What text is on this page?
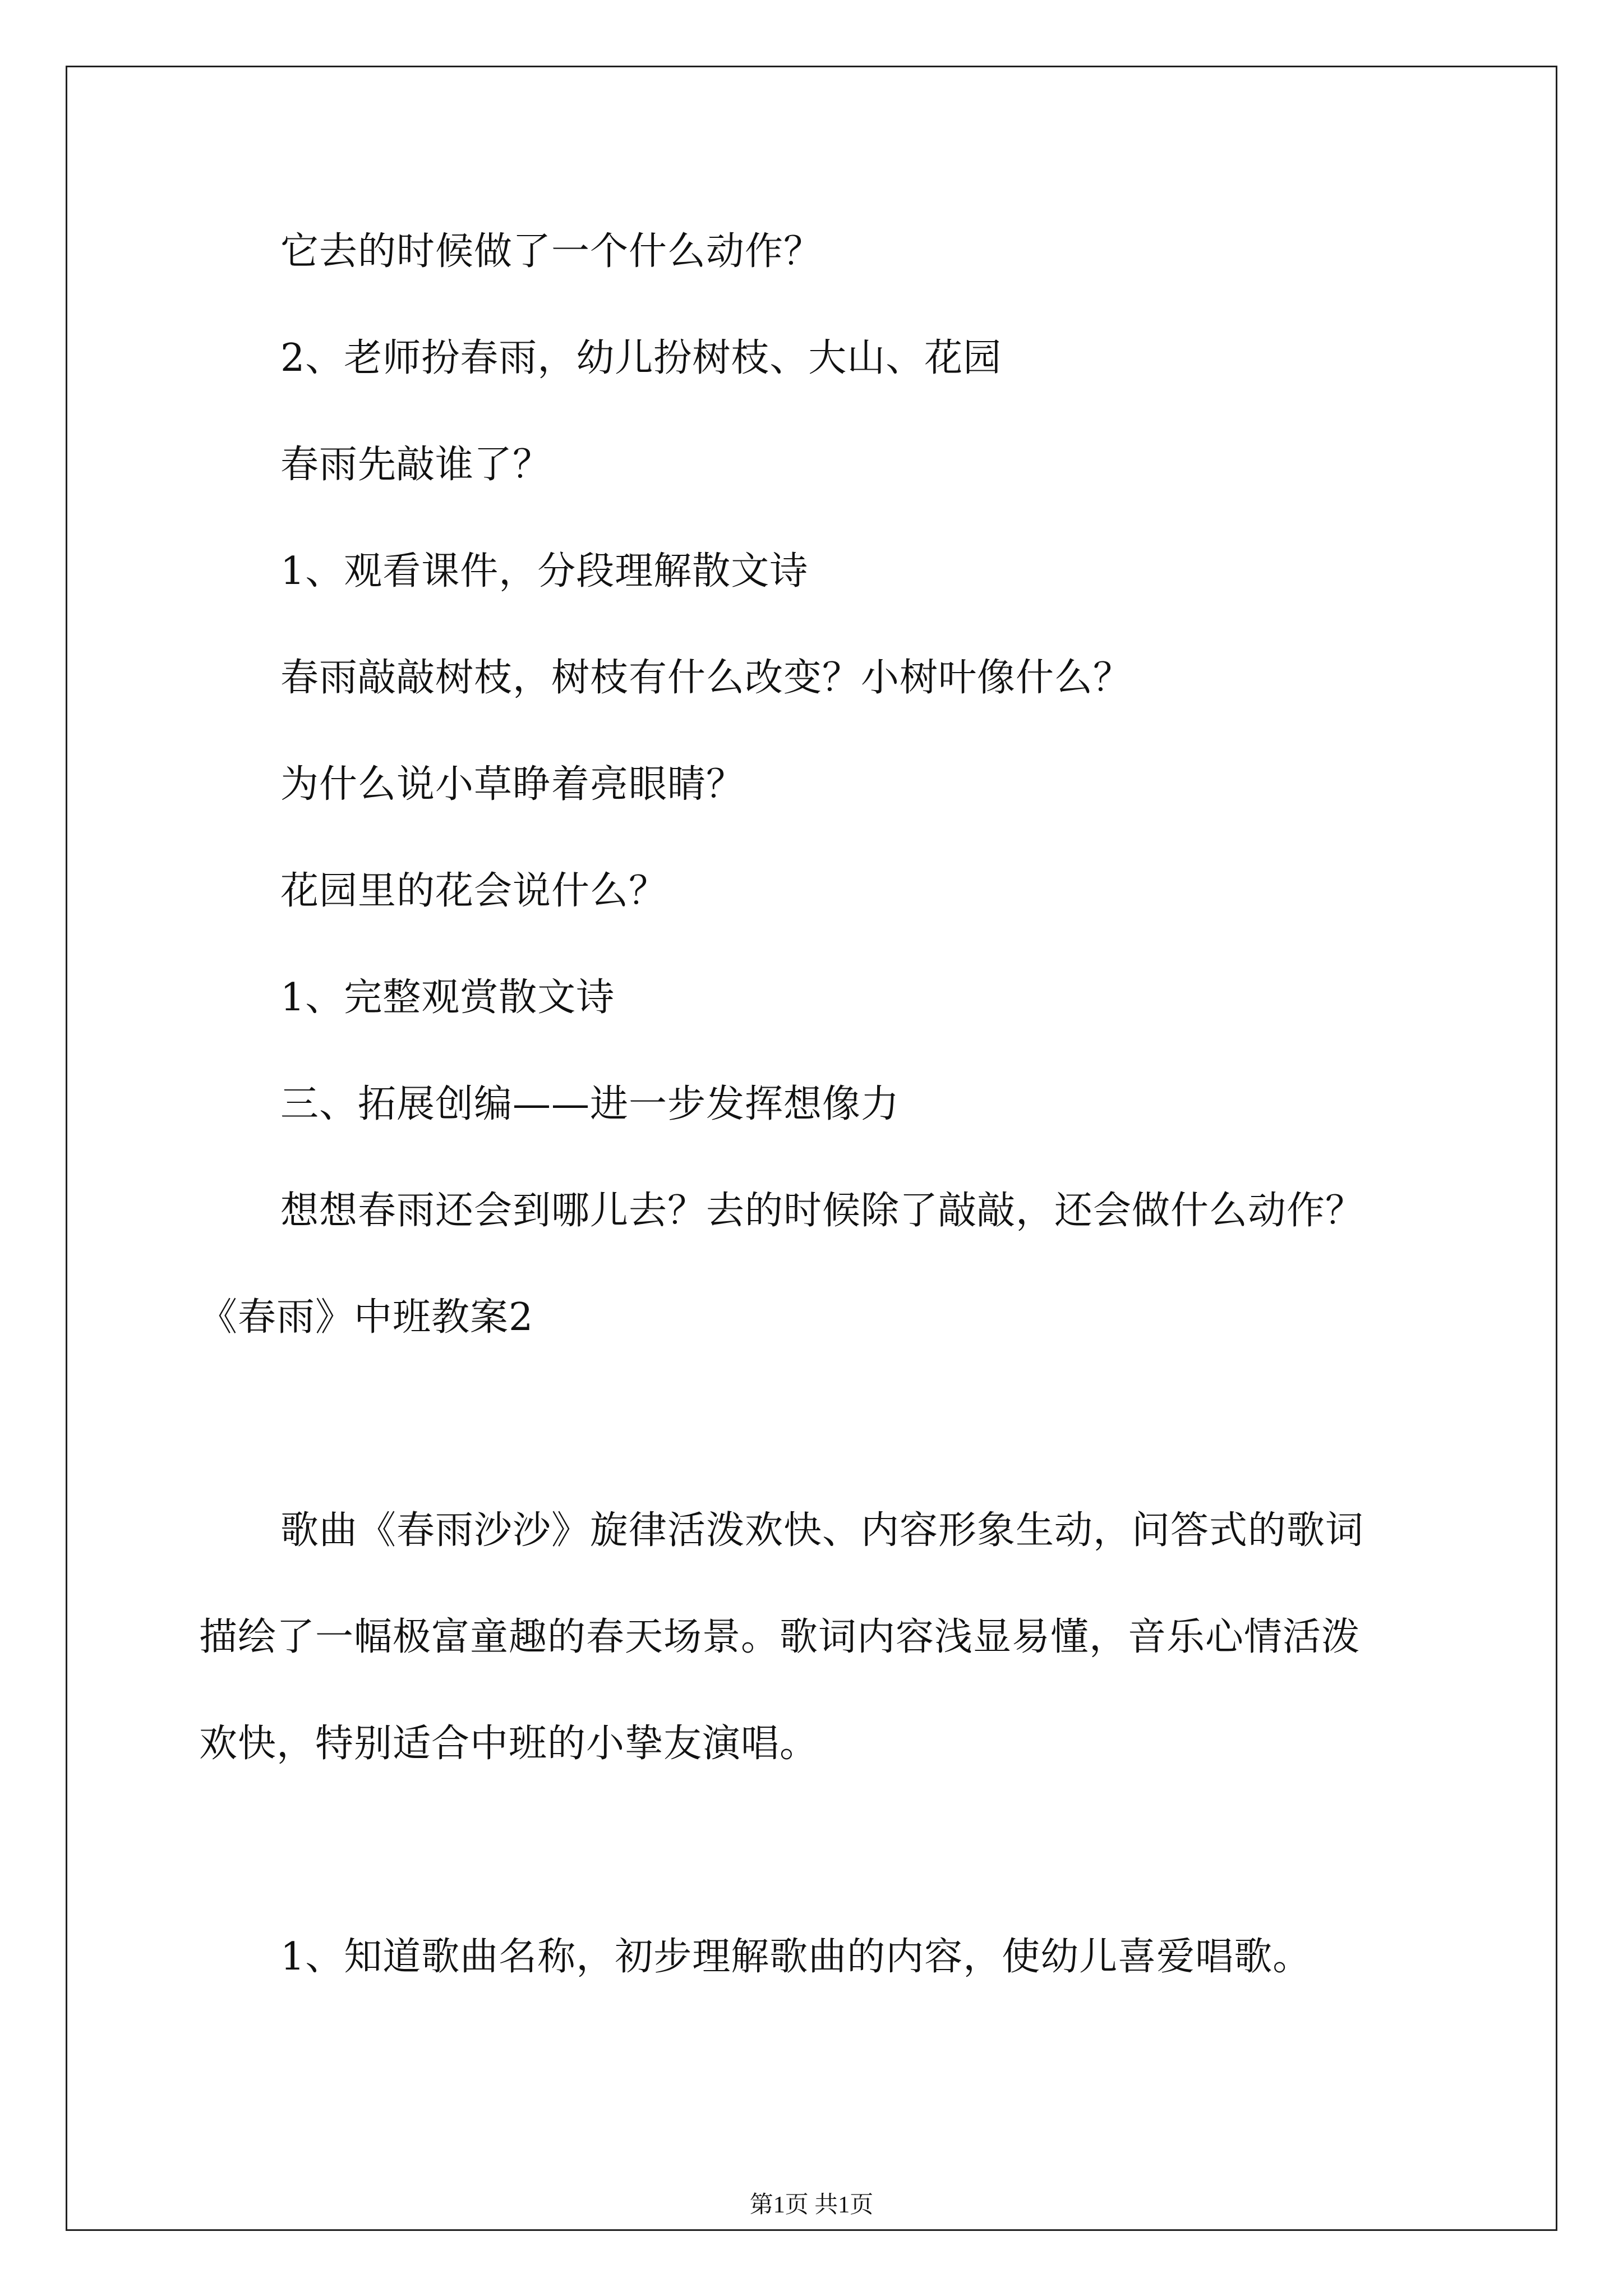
它去的时候做了一个什么动作？
2、老师扮春雨，幼儿扮树枝、大山、花园
春雨先敲谁了？
1、观看课件，分段理解散文诗
春雨敲敲树枝，树枝有什么改变？小树叶像什么？
为什么说小草睁着亮眼睛？
花园里的花会说什么？
1、完整观赏散文诗
三、拓展创编——进一步发挥想像力
想想春雨还会到哪儿去？去的时候除了敲敲，还会做什么动作？
《春雨》中班教案2
歌曲《春雨沙沙》旋律活泼欢快、内容形象生动，问答式的歌词
描绘了一幅极富童趣的春天场景。歌词内容浅显易懂，音乐心情活泼
欢快，特别适合中班的小挚友演唱。
1、知道歌曲名称，初步理解歌曲的内容，使幼儿喜爱唱歌。
第1页 共1页
